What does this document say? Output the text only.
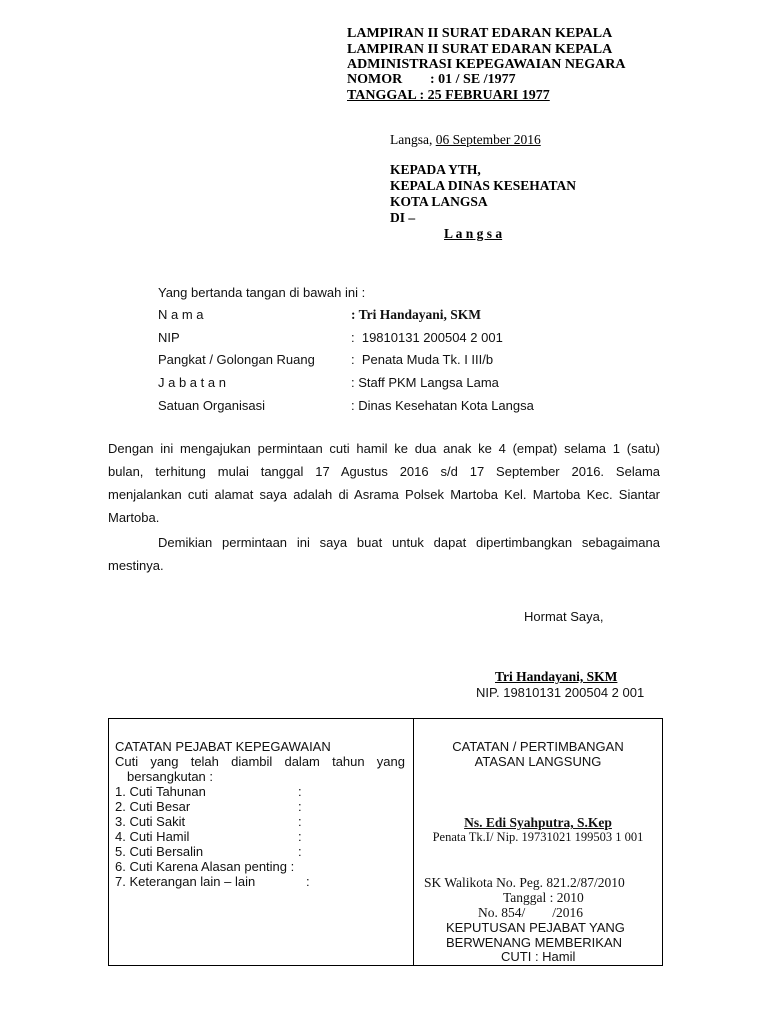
LAMPIRAN II SURAT EDARAN KEPALA
LAMPIRAN II SURAT EDARAN KEPALA
ADMINISTRASI KEPEGAWAIAN NEGARA
NOMOR : 01 / SE /1977
TANGGAL : 25 FEBRUARI 1977
Langsa, 06 September 2016
KEPADA YTH,
KEPALA DINAS KESEHATAN
KOTA LANGSA
DI –
L a n g s a
Yang bertanda tangan di bawah ini :
N a m a	: Tri Handayani, SKM
NIP	:  19810131 200504 2 001
Pangkat / Golongan Ruang	:  Penata Muda Tk. I III/b
J a b a t a n	: Staff PKM Langsa Lama
Satuan Organisasi	: Dinas Kesehatan Kota Langsa
Dengan ini mengajukan permintaan cuti hamil ke dua anak ke 4 (empat) selama 1 (satu)
bulan, terhitung mulai tanggal 17 Agustus 2016 s/d 17 September 2016. Selama
menjalankan cuti alamat saya adalah di Asrama Polsek Martoba Kel. Martoba Kec. Siantar
Martoba.
Demikian permintaan ini saya buat untuk dapat dipertimbangkan sebagaimana
mestinya.
Hormat Saya,
Tri Handayani, SKM
NIP. 19810131 200504 2 001
CATATAN PEJABAT KEPEGAWAIAN
Cuti yang telah diambil dalam tahun yang
bersangkutan :
1. Cuti Tahunan	:
2. Cuti Besar	:
3. Cuti Sakit	:
4. Cuti Hamil	:
5. Cuti Bersalin	:
6. Cuti Karena Alasan penting :
7. Keterangan lain – lain	:
CATATAN / PERTIMBANGAN
ATASAN LANGSUNG
Ns. Edi Syahputra, S.Kep
Penata Tk.I/ Nip. 19731021 199503 1 001
SK Walikota No. Peg. 821.2/87/2010
Tanggal : 2010
No. 854/        /2016
KEPUTUSAN PEJABAT YANG
BERWENANG MEMBERIKAN
CUTI : Hamil
